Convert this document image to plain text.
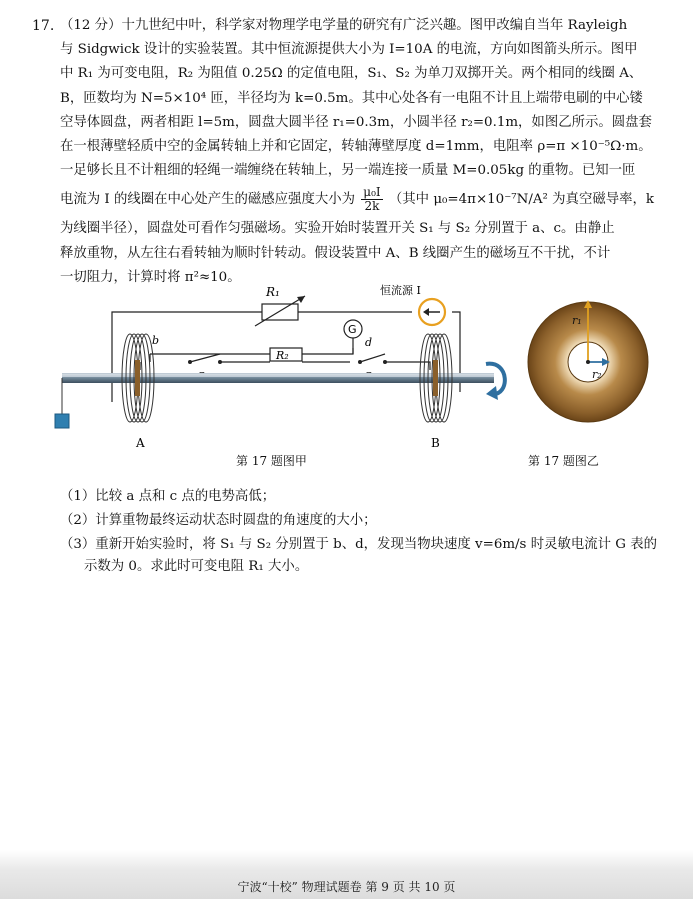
17. （12 分）十九世纪中叶，科学家对物理学电学量的研究有广泛兴趣。图甲改编自当年 Rayleigh
与 Sidgwick 设计的实验装置。其中恒流源提供大小为 I=10A 的电流，方向如图箭头所示。图甲
中 R₁ 为可变电阻，R₂ 为阻值 0.25Ω 的定值电阻，S₁、S₂ 为单刀双掷开关。两个相同的线圈 A、
B，匝数均为 N=5×10⁴ 匝，半径均为 k=0.5m。其中心处各有一电阻不计且上端带电刷的中心镂
空导体圆盘，两者相距 l=5m，圆盘大圆半径 r₁=0.3m，小圆半径 r₂=0.1m，如图乙所示。圆盘套
在一根薄壁轻质中空的金属转轴上并和它固定，转轴薄壁厚度 d=1mm，电阻率 ρ=π ×10⁻⁵Ω·m。
一足够长且不计粗细的轻绳一端缠绕在转轴上，另一端连接一质量 M=0.05kg 的重物。已知一匝
电流为 I 的线圈在中心处产生的磁感应强度大小为 $\frac{\text{μ₀I}}{2k}$ （其中 μ₀=4π×10⁻⁷N/A² 为真空磁导率，k
为线圈半径），圆盘处可看作匀强磁场。实验开始时装置开关 S₁ 与 S₂ 分别置于 a、c。由静止
释放重物，从左往右看转轴为顺时针转动。假设装置中 A、B 线圈产生的磁场互不干扰，不计
一切阻力，计算时将 π²≈10。
R₁
R₂
G
d
恒流源 I
b
A	B
r₁
r₂
第 17 题图甲	第 17 题图乙
（1）比较 a 点和 c 点的电势高低；
（2）计算重物最终运动状态时圆盘的角速度的大小；
（3）重新开始实验时，将 S₁ 与 S₂ 分别置于 b、d，发现当物块速度 v=6m/s 时灵敏电流计 G 表的
示数为 0。求此时可变电阻 R₁ 大小。
宁波“十校” 物理试题卷 第 9 页 共 10 页
